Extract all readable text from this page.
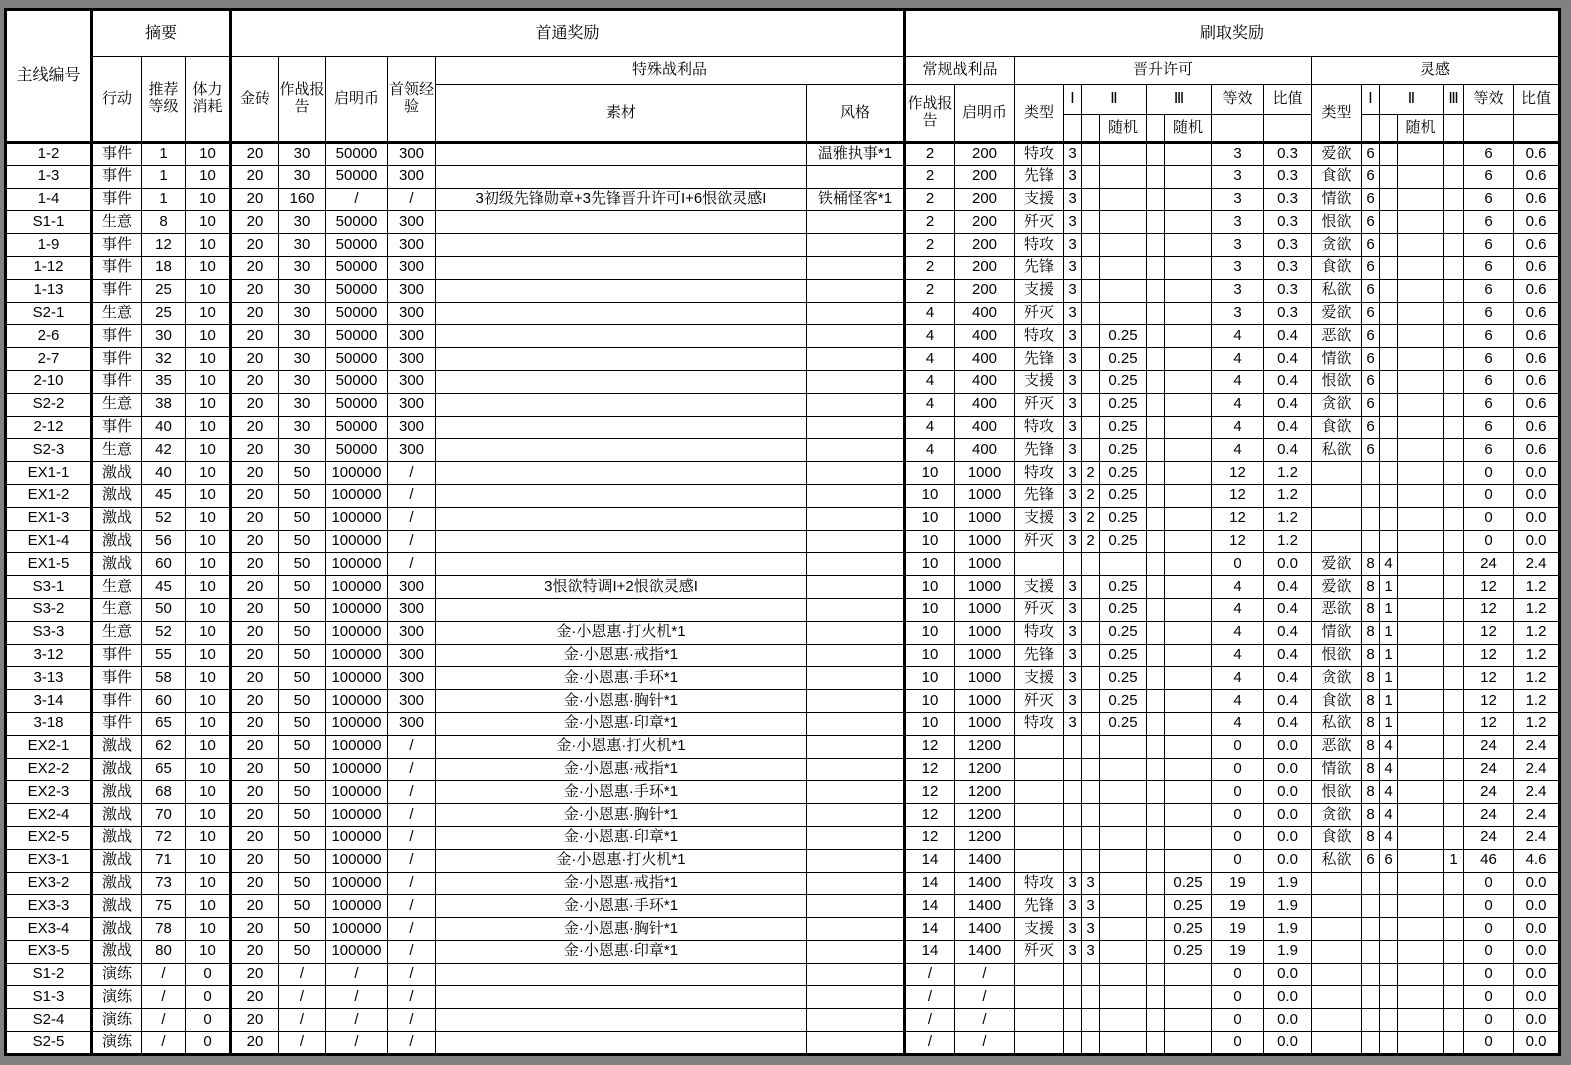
主线编号	摘要			首通奖励						刷取奖励																
	行动	推荐等级	体力消耗	金砖	作战报告	启明币	首领经验	特殊战利品		常规战利品		晋升许可								灵感						
								素材	风格	作战报告	启明币	类型	Ⅰ	Ⅱ		Ⅲ		等效	比值	类型	Ⅰ	Ⅱ		Ⅲ	等效	比值
															随机		随机						随机			
1-2	事件	1	10	20	30	50000	300		温雅执事*1	2	200	特攻	3					3	0.3	爱欲	6				6	0.6
1-3	事件	1	10	20	30	50000	300			2	200	先锋	3					3	0.3	食欲	6				6	0.6
1-4	事件	1	10	20	160	/	/	3初级先锋勋章+3先锋晋升许可I+6恨欲灵感I	铁桶怪客*1	2	200	支援	3					3	0.3	情欲	6				6	0.6
S1-1	生意	8	10	20	30	50000	300			2	200	歼灭	3					3	0.3	恨欲	6				6	0.6
1-9	事件	12	10	20	30	50000	300			2	200	特攻	3					3	0.3	贪欲	6				6	0.6
1-12	事件	18	10	20	30	50000	300			2	200	先锋	3					3	0.3	食欲	6				6	0.6
1-13	事件	25	10	20	30	50000	300			2	200	支援	3					3	0.3	私欲	6				6	0.6
S2-1	生意	25	10	20	30	50000	300			4	400	歼灭	3					3	0.3	爱欲	6				6	0.6
2-6	事件	30	10	20	30	50000	300			4	400	特攻	3		0.25			4	0.4	恶欲	6				6	0.6
2-7	事件	32	10	20	30	50000	300			4	400	先锋	3		0.25			4	0.4	情欲	6				6	0.6
2-10	事件	35	10	20	30	50000	300			4	400	支援	3		0.25			4	0.4	恨欲	6				6	0.6
S2-2	生意	38	10	20	30	50000	300			4	400	歼灭	3		0.25			4	0.4	贪欲	6				6	0.6
2-12	事件	40	10	20	30	50000	300			4	400	特攻	3		0.25			4	0.4	食欲	6				6	0.6
S2-3	生意	42	10	20	30	50000	300			4	400	先锋	3		0.25			4	0.4	私欲	6				6	0.6
EX1-1	激战	40	10	20	50	100000	/			10	1000	特攻	3	2	0.25			12	1.2						0	0.0
EX1-2	激战	45	10	20	50	100000	/			10	1000	先锋	3	2	0.25			12	1.2						0	0.0
EX1-3	激战	52	10	20	50	100000	/			10	1000	支援	3	2	0.25			12	1.2						0	0.0
EX1-4	激战	56	10	20	50	100000	/			10	1000	歼灭	3	2	0.25			12	1.2						0	0.0
EX1-5	激战	60	10	20	50	100000	/			10	1000							0	0.0	爱欲	8	4			24	2.4
S3-1	生意	45	10	20	50	100000	300	3恨欲特调I+2恨欲灵感I		10	1000	支援	3		0.25			4	0.4	爱欲	8	1			12	1.2
S3-2	生意	50	10	20	50	100000	300			10	1000	歼灭	3		0.25			4	0.4	恶欲	8	1			12	1.2
S3-3	生意	52	10	20	50	100000	300	金·小恩惠·打火机*1		10	1000	特攻	3		0.25			4	0.4	情欲	8	1			12	1.2
3-12	事件	55	10	20	50	100000	300	金·小恩惠·戒指*1		10	1000	先锋	3		0.25			4	0.4	恨欲	8	1			12	1.2
3-13	事件	58	10	20	50	100000	300	金·小恩惠·手环*1		10	1000	支援	3		0.25			4	0.4	贪欲	8	1			12	1.2
3-14	事件	60	10	20	50	100000	300	金·小恩惠·胸针*1		10	1000	歼灭	3		0.25			4	0.4	食欲	8	1			12	1.2
3-18	事件	65	10	20	50	100000	300	金·小恩惠·印章*1		10	1000	特攻	3		0.25			4	0.4	私欲	8	1			12	1.2
EX2-1	激战	62	10	20	50	100000	/	金·小恩惠·打火机*1		12	1200							0	0.0	恶欲	8	4			24	2.4
EX2-2	激战	65	10	20	50	100000	/	金·小恩惠·戒指*1		12	1200							0	0.0	情欲	8	4			24	2.4
EX2-3	激战	68	10	20	50	100000	/	金·小恩惠·手环*1		12	1200							0	0.0	恨欲	8	4			24	2.4
EX2-4	激战	70	10	20	50	100000	/	金·小恩惠·胸针*1		12	1200							0	0.0	贪欲	8	4			24	2.4
EX2-5	激战	72	10	20	50	100000	/	金·小恩惠·印章*1		12	1200							0	0.0	食欲	8	4			24	2.4
EX3-1	激战	71	10	20	50	100000	/	金·小恩惠·打火机*1		14	1400							0	0.0	私欲	6	6		1	46	4.6
EX3-2	激战	73	10	20	50	100000	/	金·小恩惠·戒指*1		14	1400	特攻	3	3			0.25	19	1.9						0	0.0
EX3-3	激战	75	10	20	50	100000	/	金·小恩惠·手环*1		14	1400	先锋	3	3			0.25	19	1.9						0	0.0
EX3-4	激战	78	10	20	50	100000	/	金·小恩惠·胸针*1		14	1400	支援	3	3			0.25	19	1.9						0	0.0
EX3-5	激战	80	10	20	50	100000	/	金·小恩惠·印章*1		14	1400	歼灭	3	3			0.25	19	1.9						0	0.0
S1-2	演练	/	0	20	/	/	/			/	/							0	0.0						0	0.0
S1-3	演练	/	0	20	/	/	/			/	/							0	0.0						0	0.0
S2-4	演练	/	0	20	/	/	/			/	/							0	0.0						0	0.0
S2-5	演练	/	0	20	/	/	/			/	/							0	0.0						0	0.0
